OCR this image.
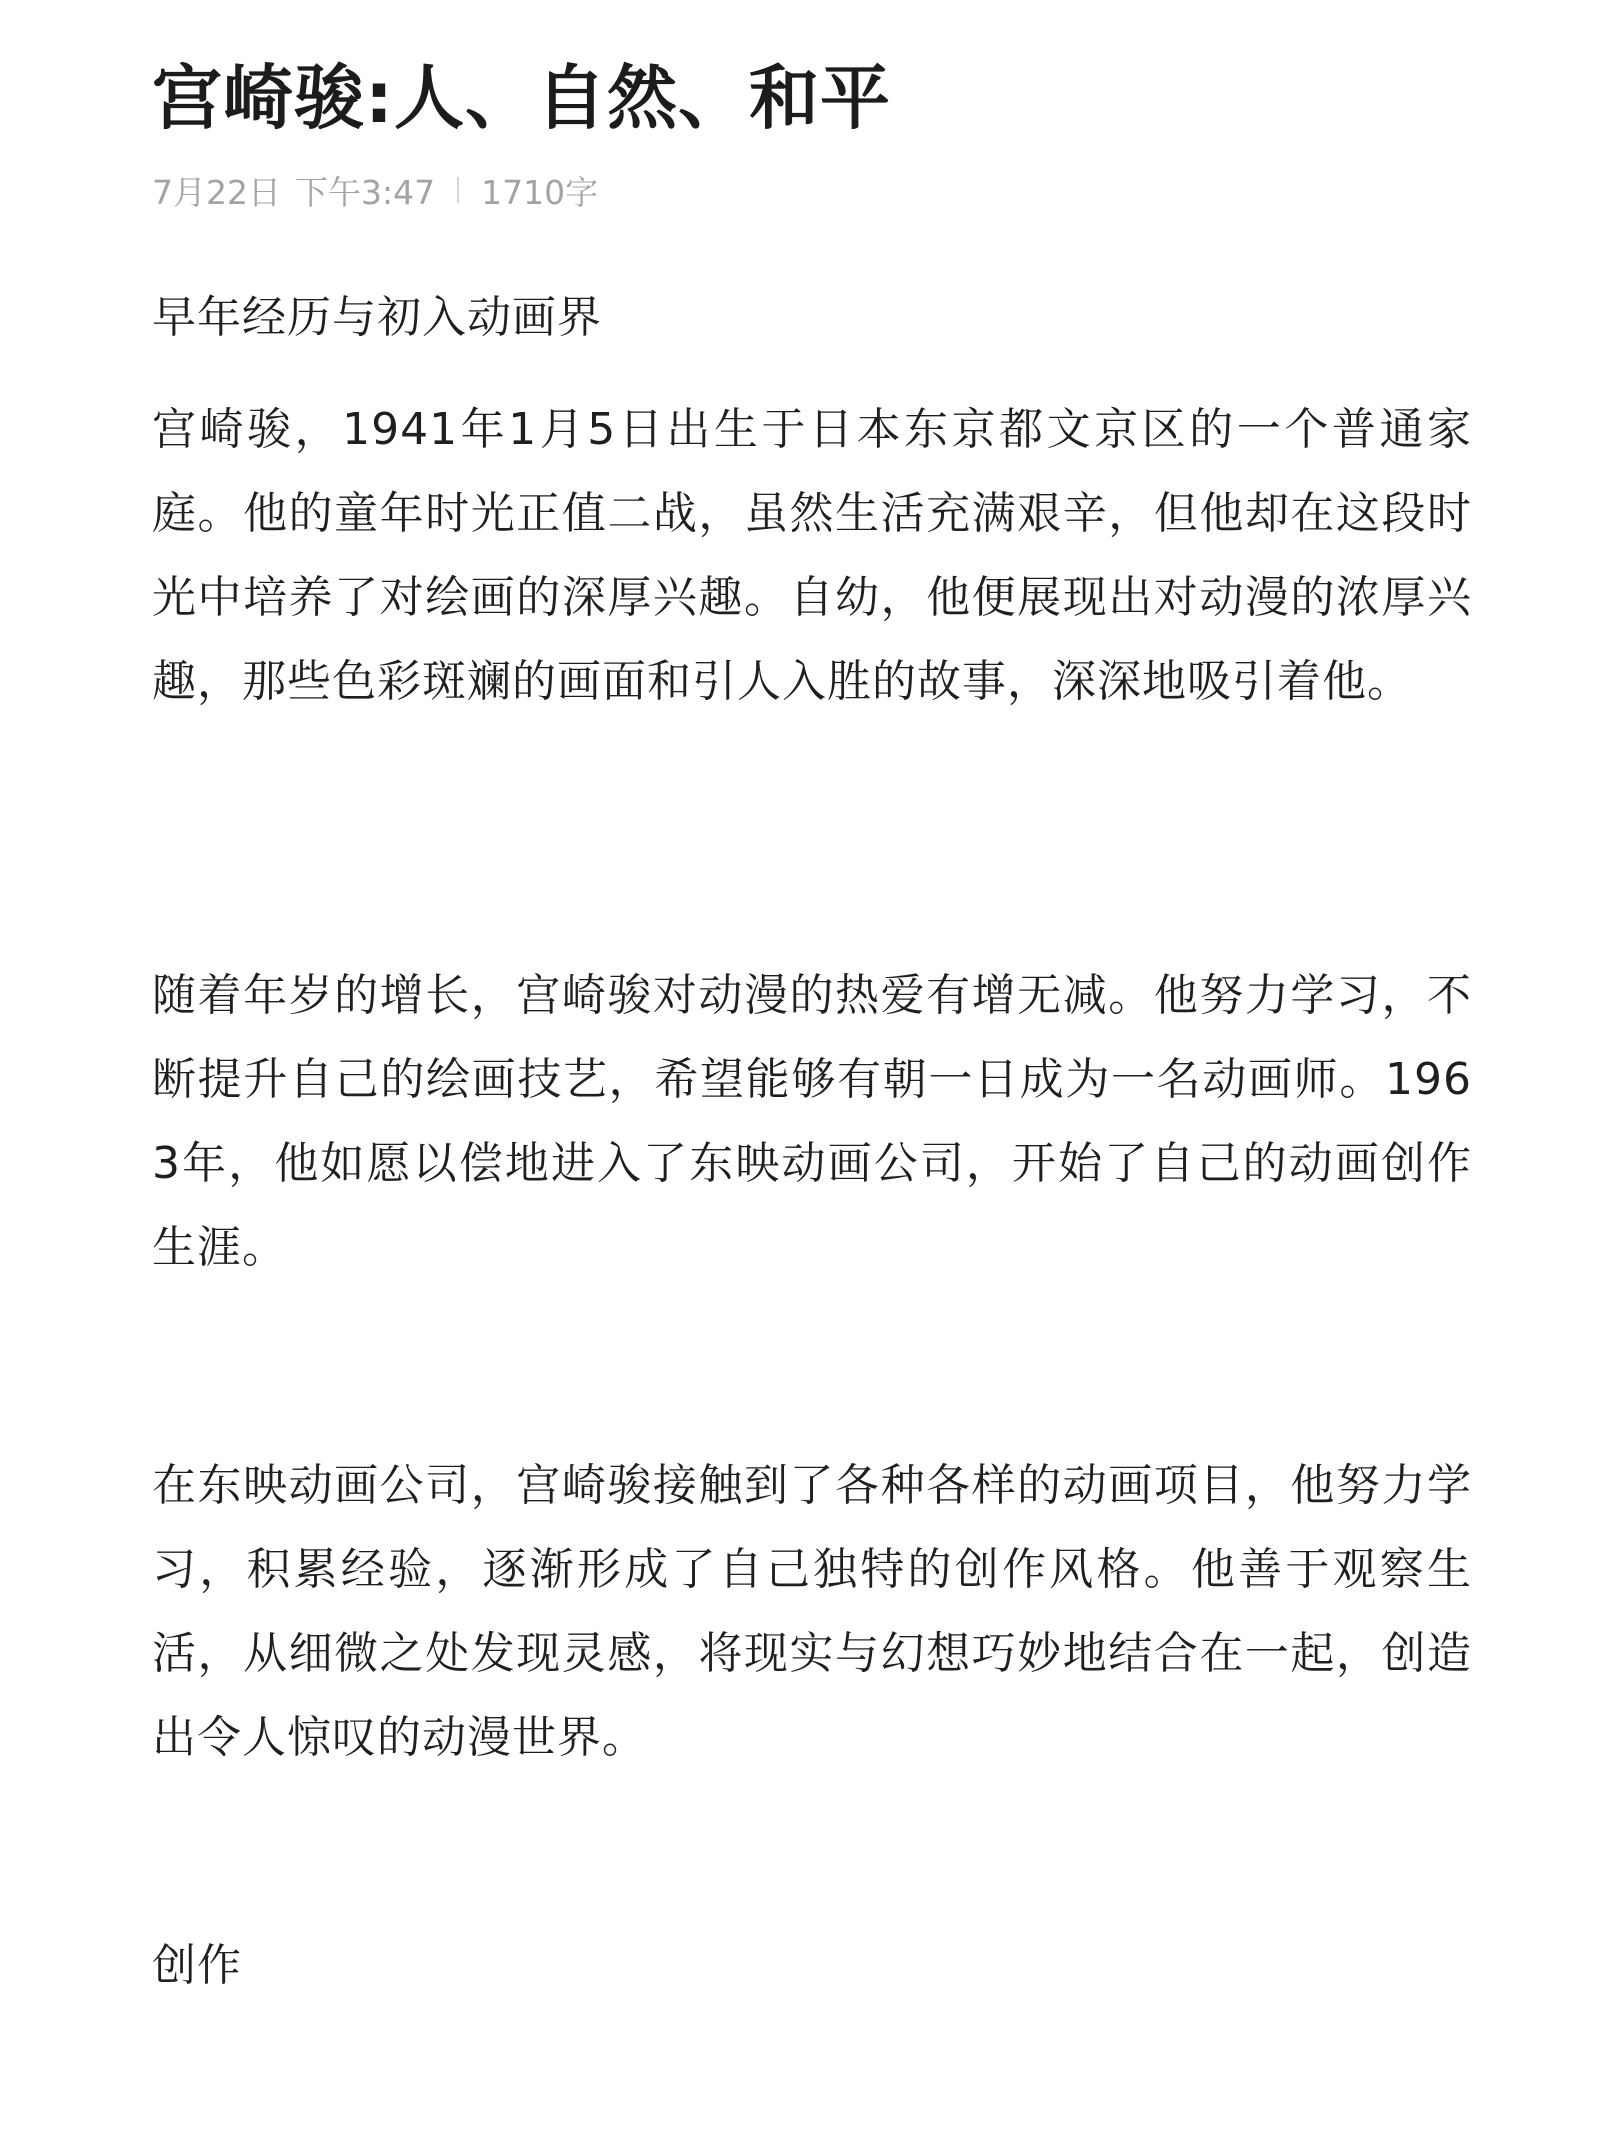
宫崎骏:人、自然、和平
7月22日 下午3:47 1710字

早年经历与初入动画界

宫崎骏，1941年1月5日出生于日本东京都文京区的一个普通家庭。他的童年时光正值二战，虽然生活充满艰辛，但他却在这段时光中培养了对绘画的深厚兴趣。自幼，他便展现出对动漫的浓厚兴趣，那些色彩斑斓的画面和引人入胜的故事，深深地吸引着他。

随着年岁的增长，宫崎骏对动漫的热爱有增无减。他努力学习，不断提升自己的绘画技艺，希望能够有朝一日成为一名动画师。1963年，他如愿以偿地进入了东映动画公司，开始了自己的动画创作生涯。

在东映动画公司，宫崎骏接触到了各种各样的动画项目，他努力学习，积累经验，逐渐形成了自己独特的创作风格。他善于观察生活，从细微之处发现灵感，将现实与幻想巧妙地结合在一起，创造出令人惊叹的动漫世界。

创作
